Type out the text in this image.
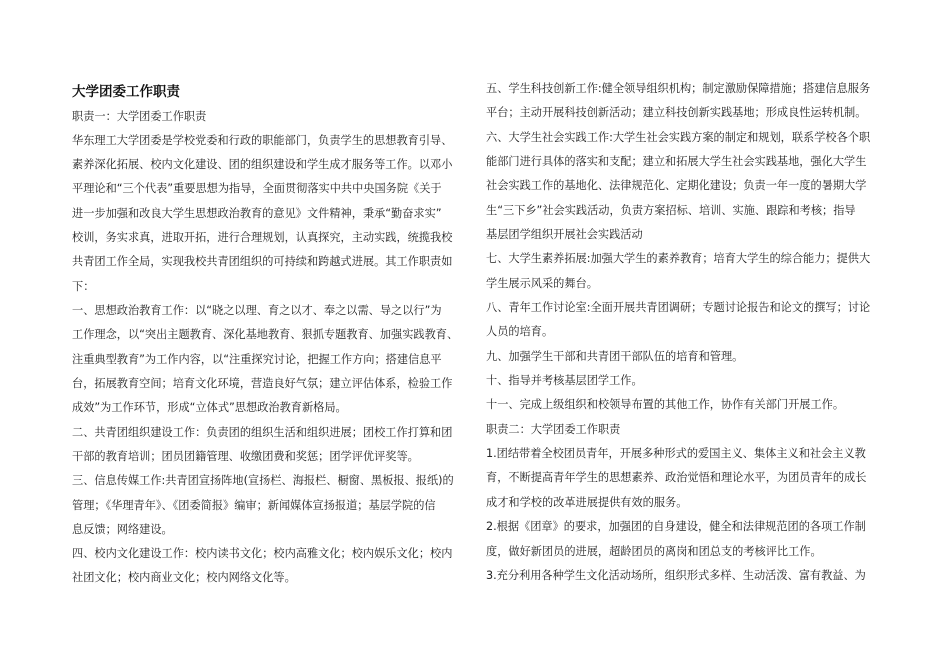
大学团委工作职责
职责一：大学团委工作职责
华东理工大学团委是学校党委和行政的职能部门，负责学生的思想教育引导、
素养深化拓展、校内文化建设、团的组织建设和学生成才服务等工作。以邓小
平理论和“三个代表”重要思想为指导，全面贯彻落实中共中央国务院《关于
进一步加强和改良大学生思想政治教育的意见》文件精神，秉承“勤奋求实”
校训，务实求真，进取开拓，进行合理规划，认真探究，主动实践，统揽我校
共青团工作全局，实现我校共青团组织的可持续和跨越式进展。其工作职责如
下：
一、思想政治教育工作：以“晓之以理、育之以才、奉之以需、导之以行”为
工作理念，以“突出主题教育、深化基地教育、狠抓专题教育、加强实践教育、
注重典型教育”为工作内容，以“注重探究讨论，把握工作方向；搭建信息平
台，拓展教育空间；培育文化环境，营造良好气氛；建立评估体系，检验工作
成效”为工作环节，形成“立体式”思想政治教育新格局。
二、共青团组织建设工作：负责团的组织生活和组织进展；团校工作打算和团
干部的教育培训；团员团籍管理、收缴团费和奖惩；团学评优评奖等。
三、信息传媒工作:共青团宣扬阵地(宣扬栏、海报栏、橱窗、黑板报、报纸)的
管理；《华理青年》、《团委简报》编审；新闻媒体宣扬报道；基层学院的信
息反馈；网络建设。
四、校内文化建设工作：校内读书文化；校内高雅文化；校内娱乐文化；校内
社团文化；校内商业文化；校内网络文化等。
五、学生科技创新工作:健全领导组织机构；制定激励保障措施；搭建信息服务
平台；主动开展科技创新活动；建立科技创新实践基地；形成良性运转机制。
六、大学生社会实践工作:大学生社会实践方案的制定和规划，联系学校各个职
能部门进行具体的落实和支配；建立和拓展大学生社会实践基地，强化大学生
社会实践工作的基地化、法律规范化、定期化建设；负责一年一度的暑期大学
生“三下乡”社会实践活动，负责方案招标、培训、实施、跟踪和考核；指导
基层团学组织开展社会实践活动
七、大学生素养拓展:加强大学生的素养教育；培育大学生的综合能力；提供大
学生展示风采的舞台。
八、青年工作讨论室:全面开展共青团调研；专题讨论报告和论文的撰写；讨论
人员的培育。
九、加强学生干部和共青团干部队伍的培育和管理。
十、指导并考核基层团学工作。
十一、完成上级组织和校领导布置的其他工作，协作有关部门开展工作。
职责二：大学团委工作职责
1.团结带着全校团员青年，开展多种形式的爱国主义、集体主义和社会主义教
育，不断提高青年学生的思想素养、政治觉悟和理论水平，为团员青年的成长
成才和学校的改革进展提供有效的服务。
2.根据《团章》的要求，加强团的自身建设，健全和法律规范团的各项工作制
度，做好新团员的进展，超龄团员的离岗和团总支的考核评比工作。
3.充分利用各种学生文化活动场所，组织形式多样、生动活泼、富有教益、为
